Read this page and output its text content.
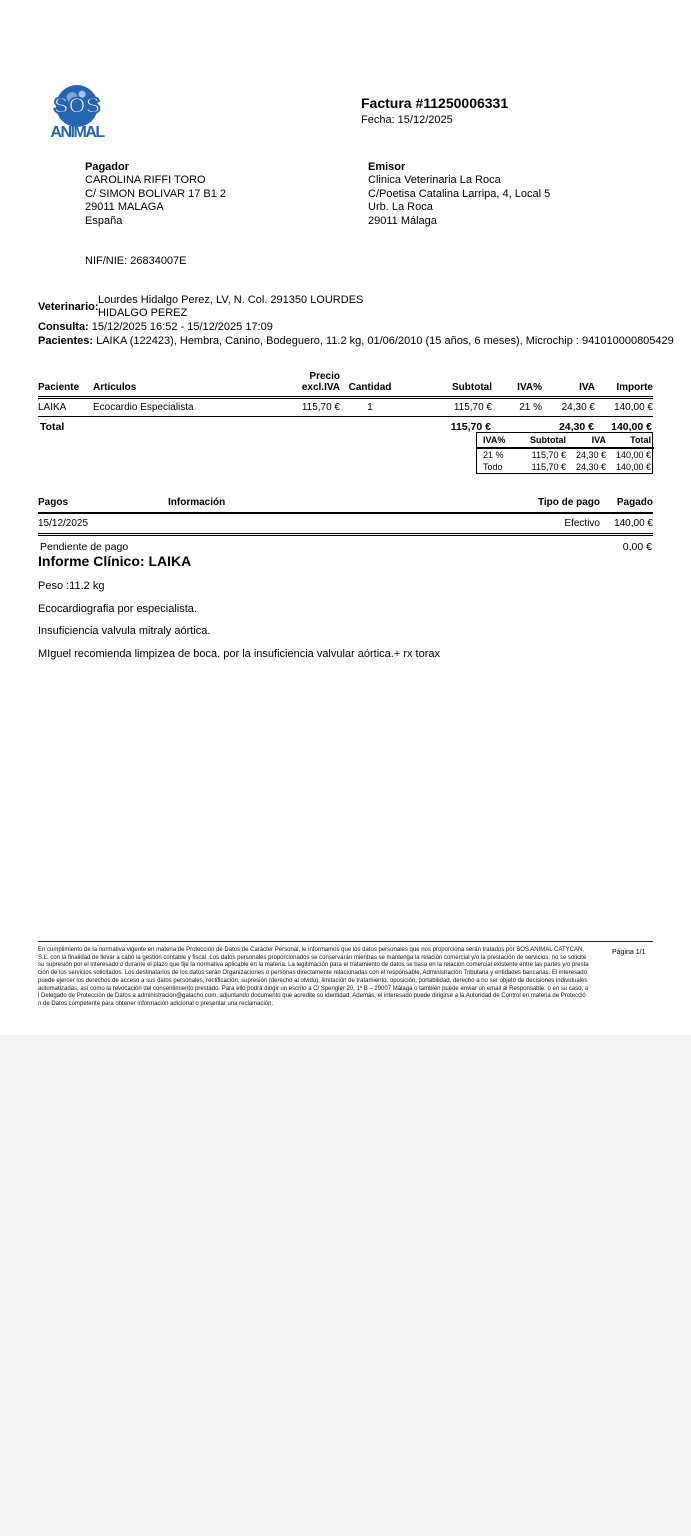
SOS
ANIMAL
Factura #11250006331
Fecha: 15/12/2025
Pagador
CAROLINA RIFFI TORO
C/ SIMON BOLIVAR 17 B1 2
29011 MALAGA
España
NIF/NIE: 26834007E
Emisor
Clinica Veterinaria La Roca
C/Poetisa Catalina Larripa, 4, Local 5
Urb. La Roca
29011 Málaga
Veterinario:
Lourdes Hidalgo Perez, LV, N. Col. 291350 LOURDES HIDALGO PEREZ
Consulta: 15/12/2025 16:52 - 15/12/2025 17:09
Pacientes: LAIKA (122423), Hembra, Canino, Bodeguero, 11.2 kg, 01/06/2010 (15 años, 6 meses), Microchip : 941010000805429
Paciente	Articulos	Precio excl.IVA	Cantidad	Subtotal	IVA%	IVA	Importe
LAIKA	Ecocardio Especialista	115,70 €	1	115,70 €	21 %	24,30 €	140,00 €
Total				115,70 €		24,30 €	140,00 €
IVA%	Subtotal	IVA	Total
21 %	115,70 €	24,30 €	140,00 €
Todo	115,70 €	24,30 €	140,00 €
Pagos	Información	Tipo de pago	Pagado
15/12/2025		Efectivo	140,00 €
Pendiente de pago			0,00 €
Informe Clínico: LAIKA

Peso :11.2 kg

Ecocardiografia por especialista.

Insuficiencia valvula mitraly aórtica.

MIguel recomienda limpizea de boca. por la insuficiencia valvular aórtica.+ rx torax

En cumplimiento de la normativa vigente en materia de Protección de Datos de Carácter Personal, le informamos que los datos personales que nos proporciona serán tratados por SOS ANIMAL CATYCAN,
S.L. con la finalidad de llevar a cabo la gestión contable y fiscal. Los datos personales proporcionados se conservarán mientras se mantenga la relación comercial y/o la prestación de servicios, no se solicite
su supresión por el interesado o durante el plazo que fije la normativa aplicable en la materia. La legitimación para el tratamiento de datos se basa en la relación comercial existente entre las partes y/o presta
ción de los servicios solicitados. Los destinatarios de los datos serán Organizaciones o personas directamente relacionadas con el responsable, Administración Tributaria y entidades bancarias. El interesado
puede ejercer los derechos de acceso a sus datos personales, rectificación, supresión (derecho al olvido), limitación de tratamiento, oposición, portabilidad, derecho a no ser objeto de decisiones individuales
automatizadas, así como la revocación del consentimiento prestado. Para ello podrá dirigir un escrito a C/ Spengler 20, 1º B – 29007 Málaga o también puede enviar un email al Responsable, o en su caso, a
l Delegado de Protección de Datos a administracion@galacho.com, adjuntando documento que acredite su identidad. Además, el interesado puede dirigirse a la Autoridad de Control en materia de Protecció
n de Datos competente para obtener información adicional o presentar una reclamación.
Página 1/1
